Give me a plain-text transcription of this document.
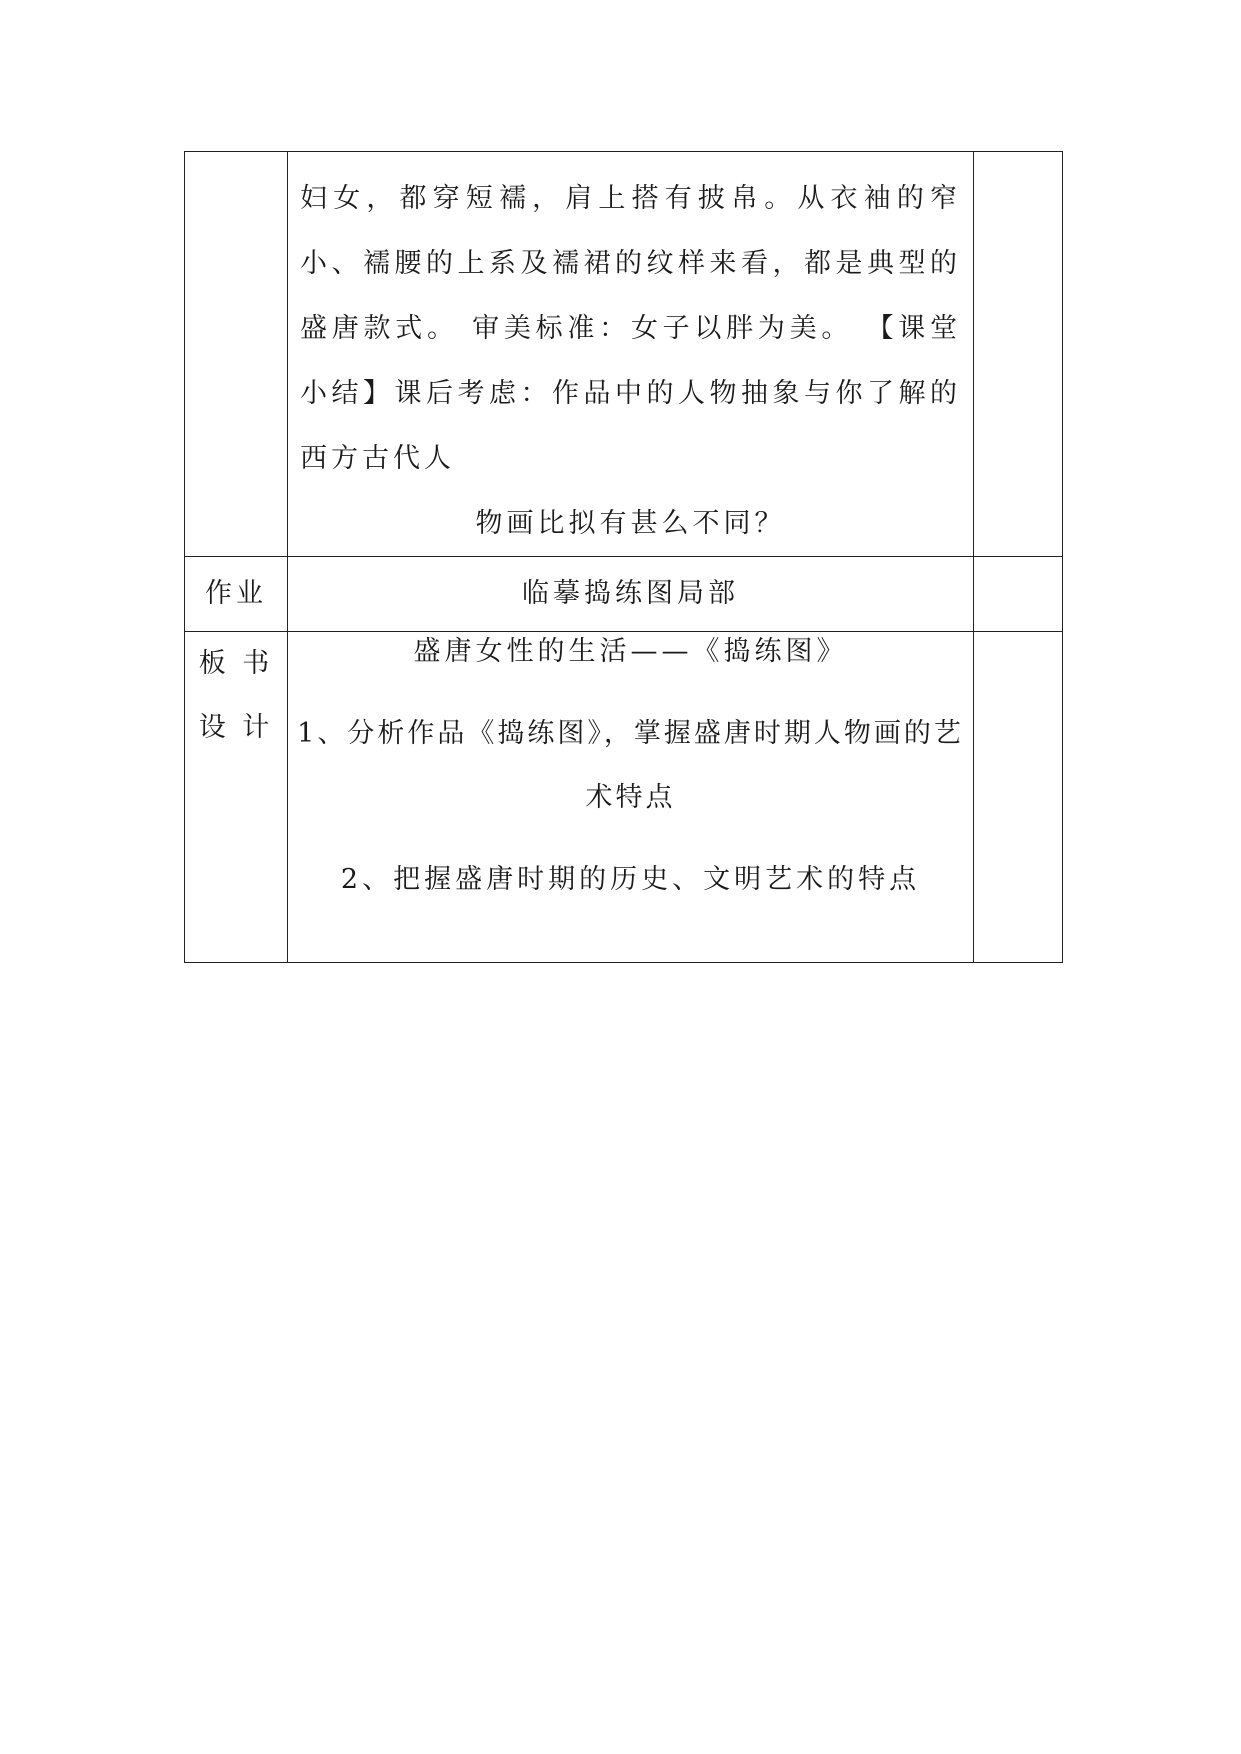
	妇女，都穿短襦，肩上搭有披帛。从衣袖的窄小、襦腰的上系及襦裙的纹样来看，都是典型的盛唐款式。 审美标准：女子以胖为美。 【课堂小结】课后考虑：作品中的人物抽象与你了解的西方古代人
物画比拟有甚么不同？	

作业	临摹捣练图局部	

板 书
设 计	盛唐女性的生活——《捣练图》
1、分析作品《捣练图》，掌握盛唐时期人物画的艺术特点
2、把握盛唐时期的历史、文明艺术的特点	
